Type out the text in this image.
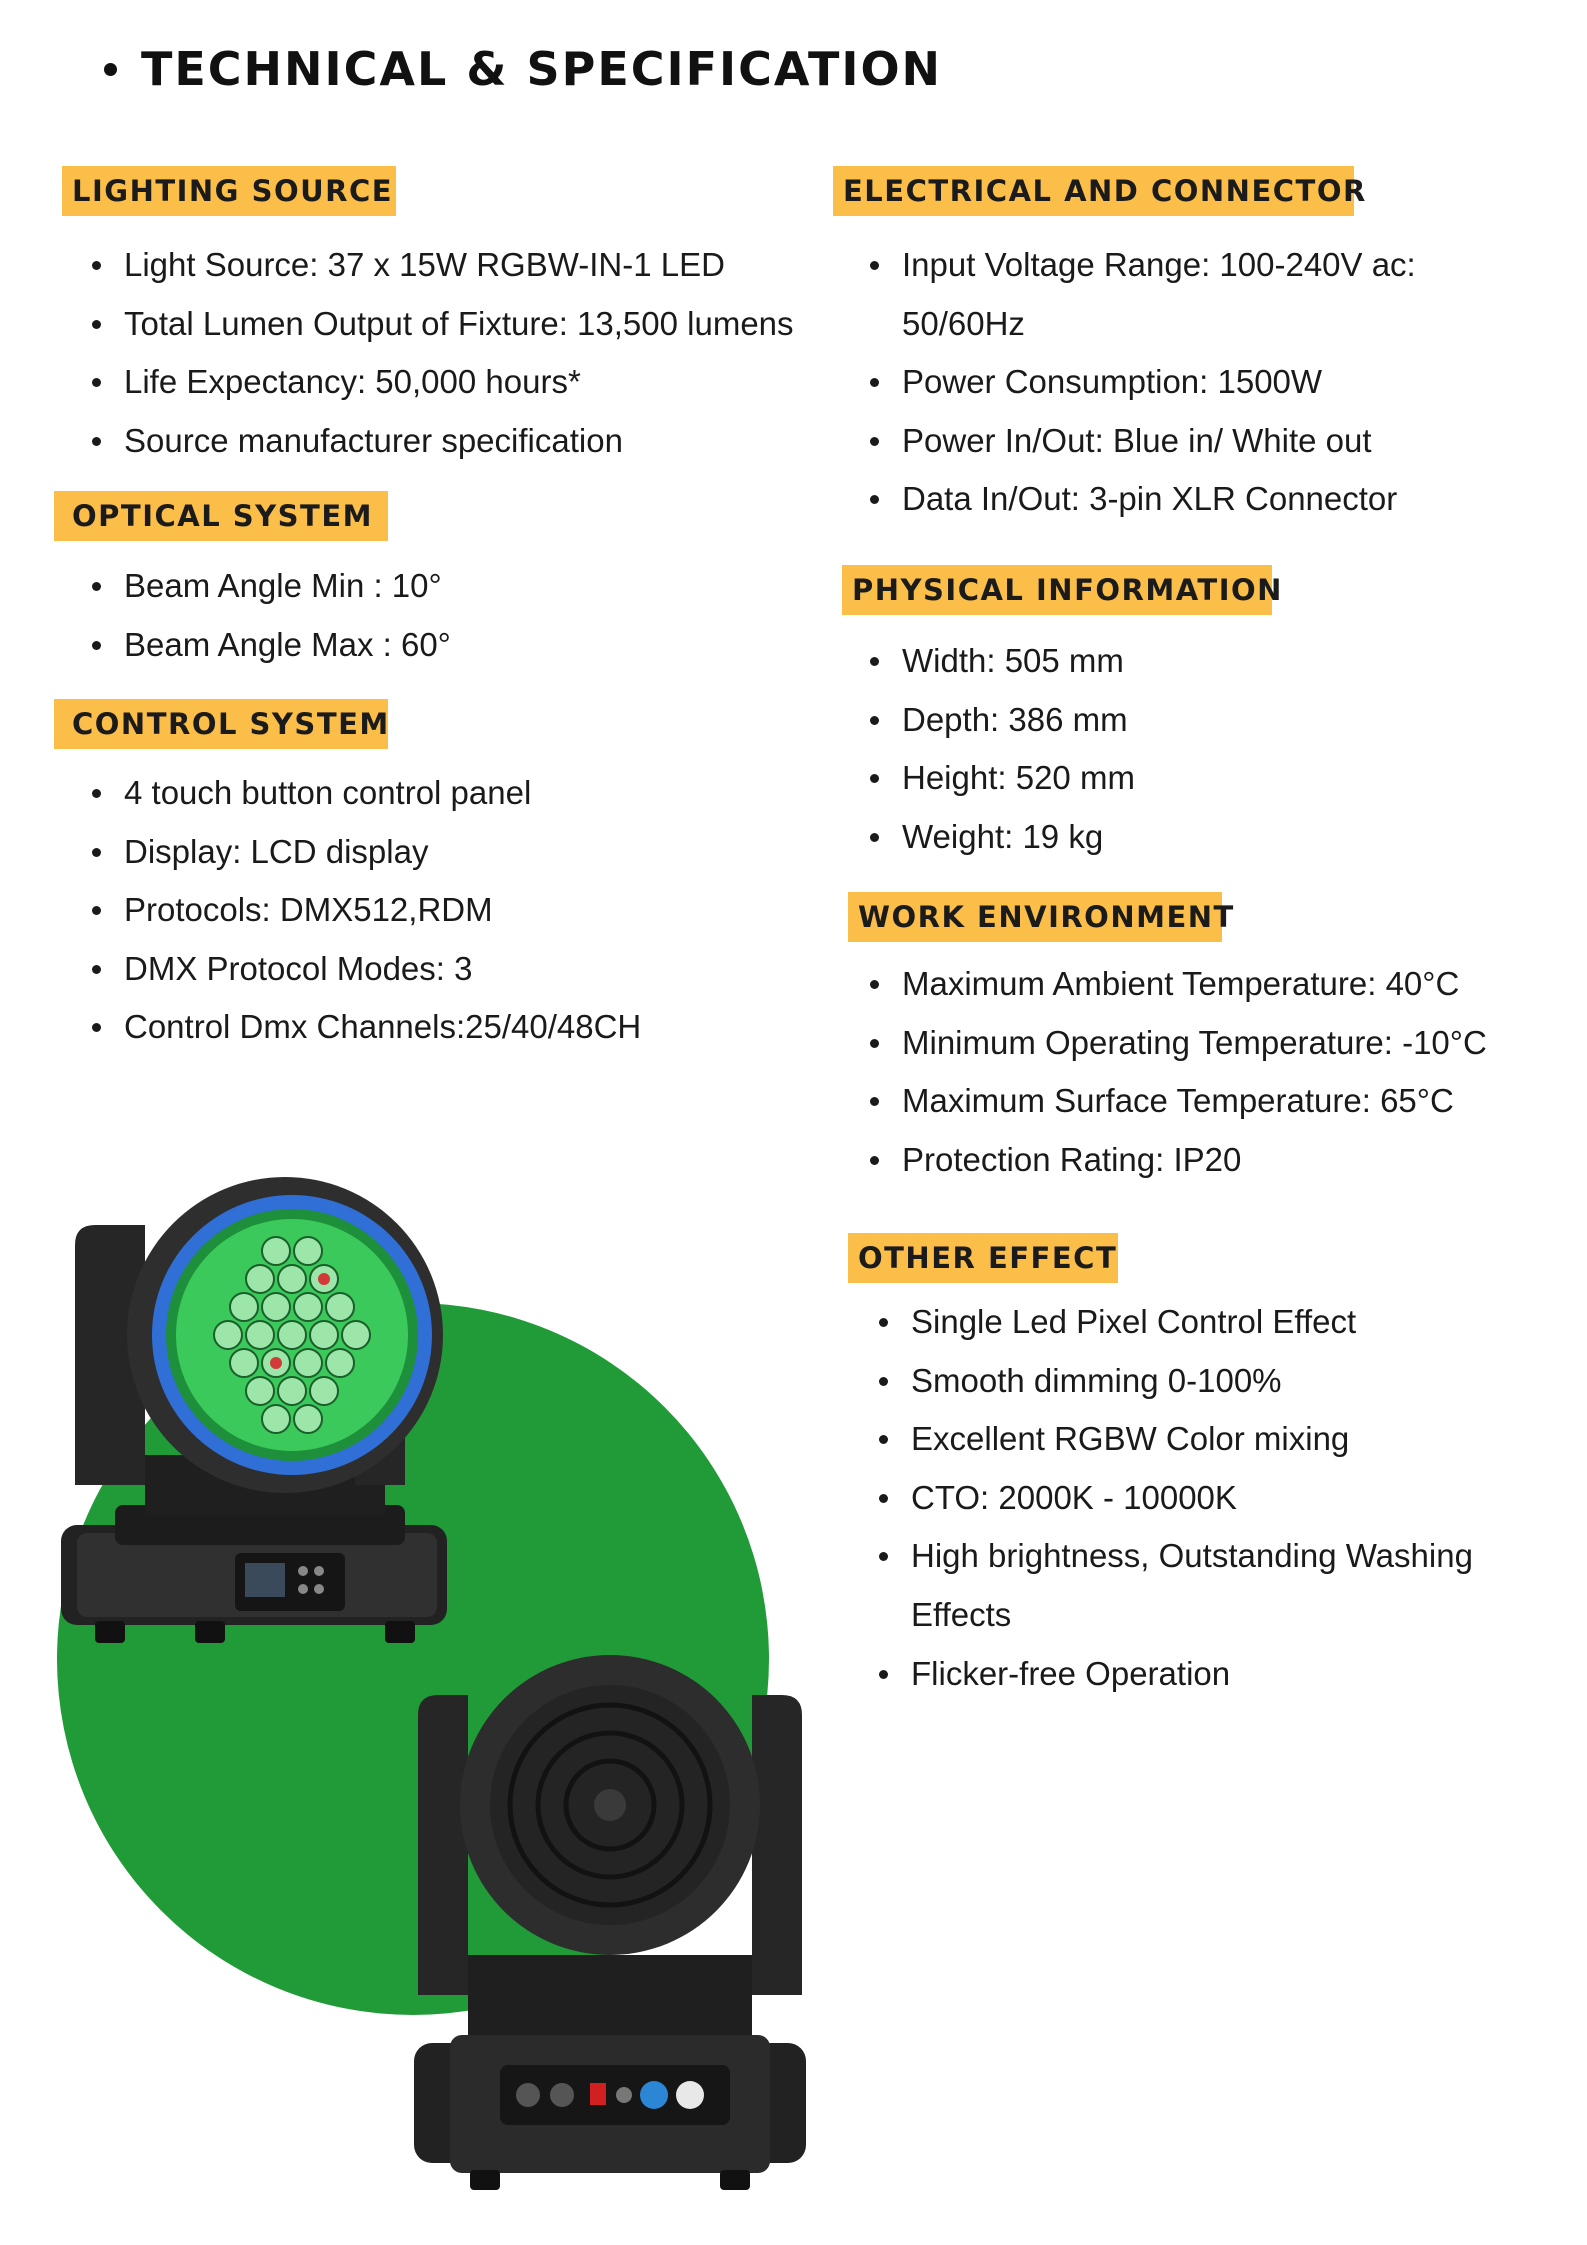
TECHNICAL & SPECIFICATION
LIGHTING SOURCE
Light Source: 37 x 15W RGBW-IN-1 LED
Total Lumen Output of Fixture: 13,500 lumens
Life Expectancy: 50,000 hours*
Source manufacturer specification
OPTICAL SYSTEM
Beam Angle Min : 10°
Beam Angle Max : 60°
CONTROL SYSTEM
4 touch button control panel
Display: LCD display
Protocols: DMX512,RDM
DMX Protocol Modes: 3
Control Dmx Channels:25/40/48CH
ELECTRICAL AND CONNECTOR
Input Voltage Range: 100-240V ac:
50/60Hz
Power Consumption: 1500W
Power In/Out: Blue in/ White out
Data In/Out: 3-pin XLR Connector
PHYSICAL INFORMATION
Width: 505 mm
Depth: 386 mm
Height: 520 mm
Weight: 19 kg
WORK ENVIRONMENT
Maximum Ambient Temperature: 40°C
Minimum Operating Temperature: -10°C
Maximum Surface Temperature: 65°C
Protection Rating: IP20
OTHER EFFECT
Single Led Pixel Control Effect
Smooth dimming 0-100%
Excellent RGBW Color mixing
CTO: 2000K - 10000K
High brightness, Outstanding Washing
Effects
Flicker-free Operation
